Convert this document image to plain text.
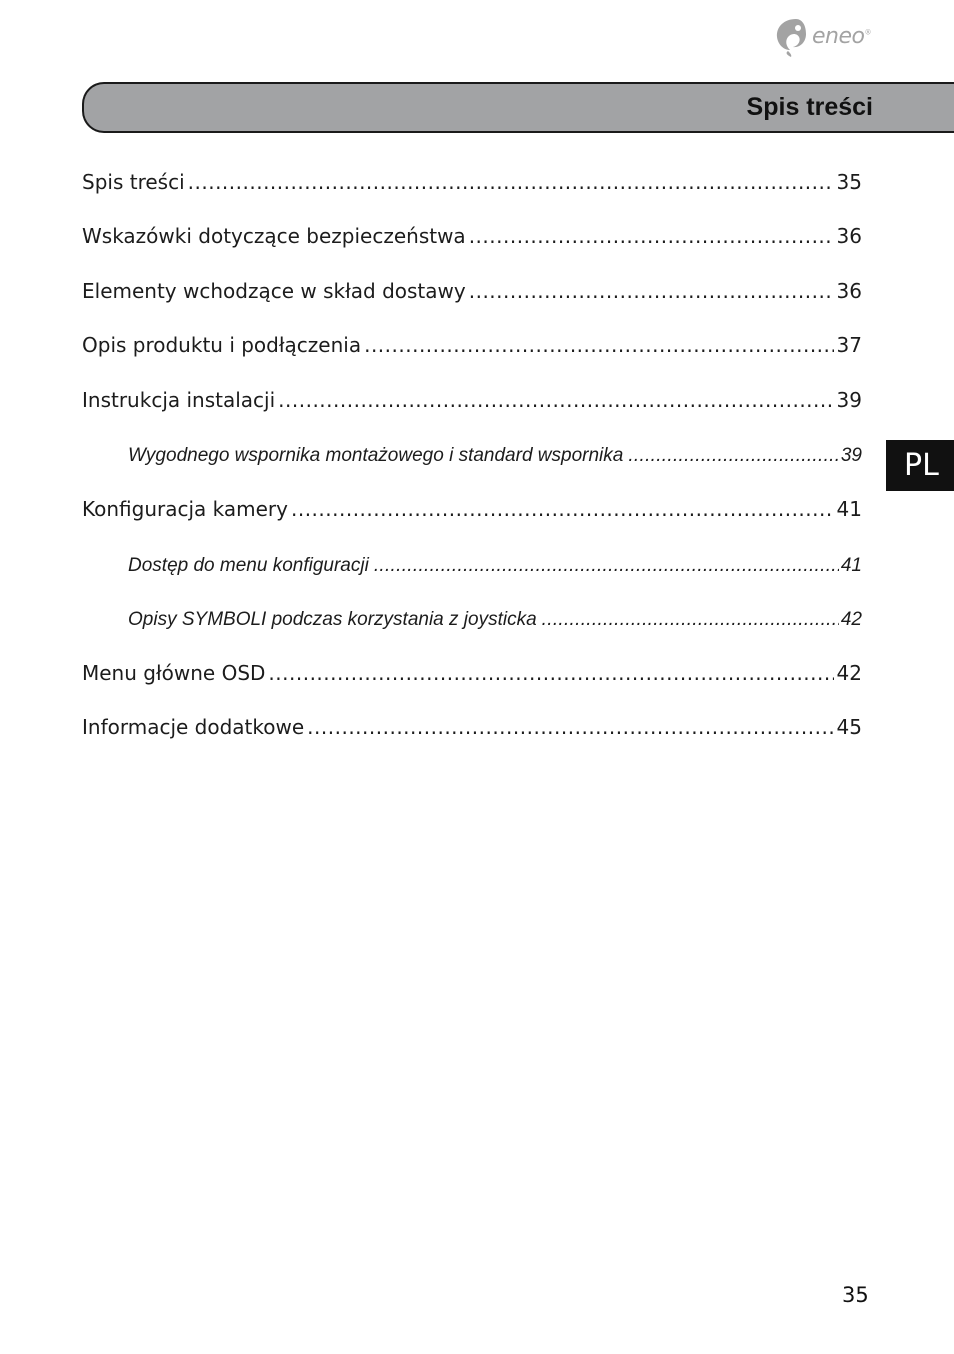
eneo®
Spis treści
Spis treści .....	35
Wskazówki dotyczące bezpieczeństwa .....	36
Elementy wchodzące w skład dostawy .....	36
Opis produktu i podłączenia .....	37
Instrukcja instalacji .....	39
Wygodnego wspornika montażowego i standard wspornika .....	39
Konfiguracja kamery .....	41
Dostęp do menu konfiguracji .....	41
Opisy SYMBOLI podczas korzystania z joysticka .....	42
Menu główne OSD .....	42
Informacje dodatkowe .....	45
PL
35
